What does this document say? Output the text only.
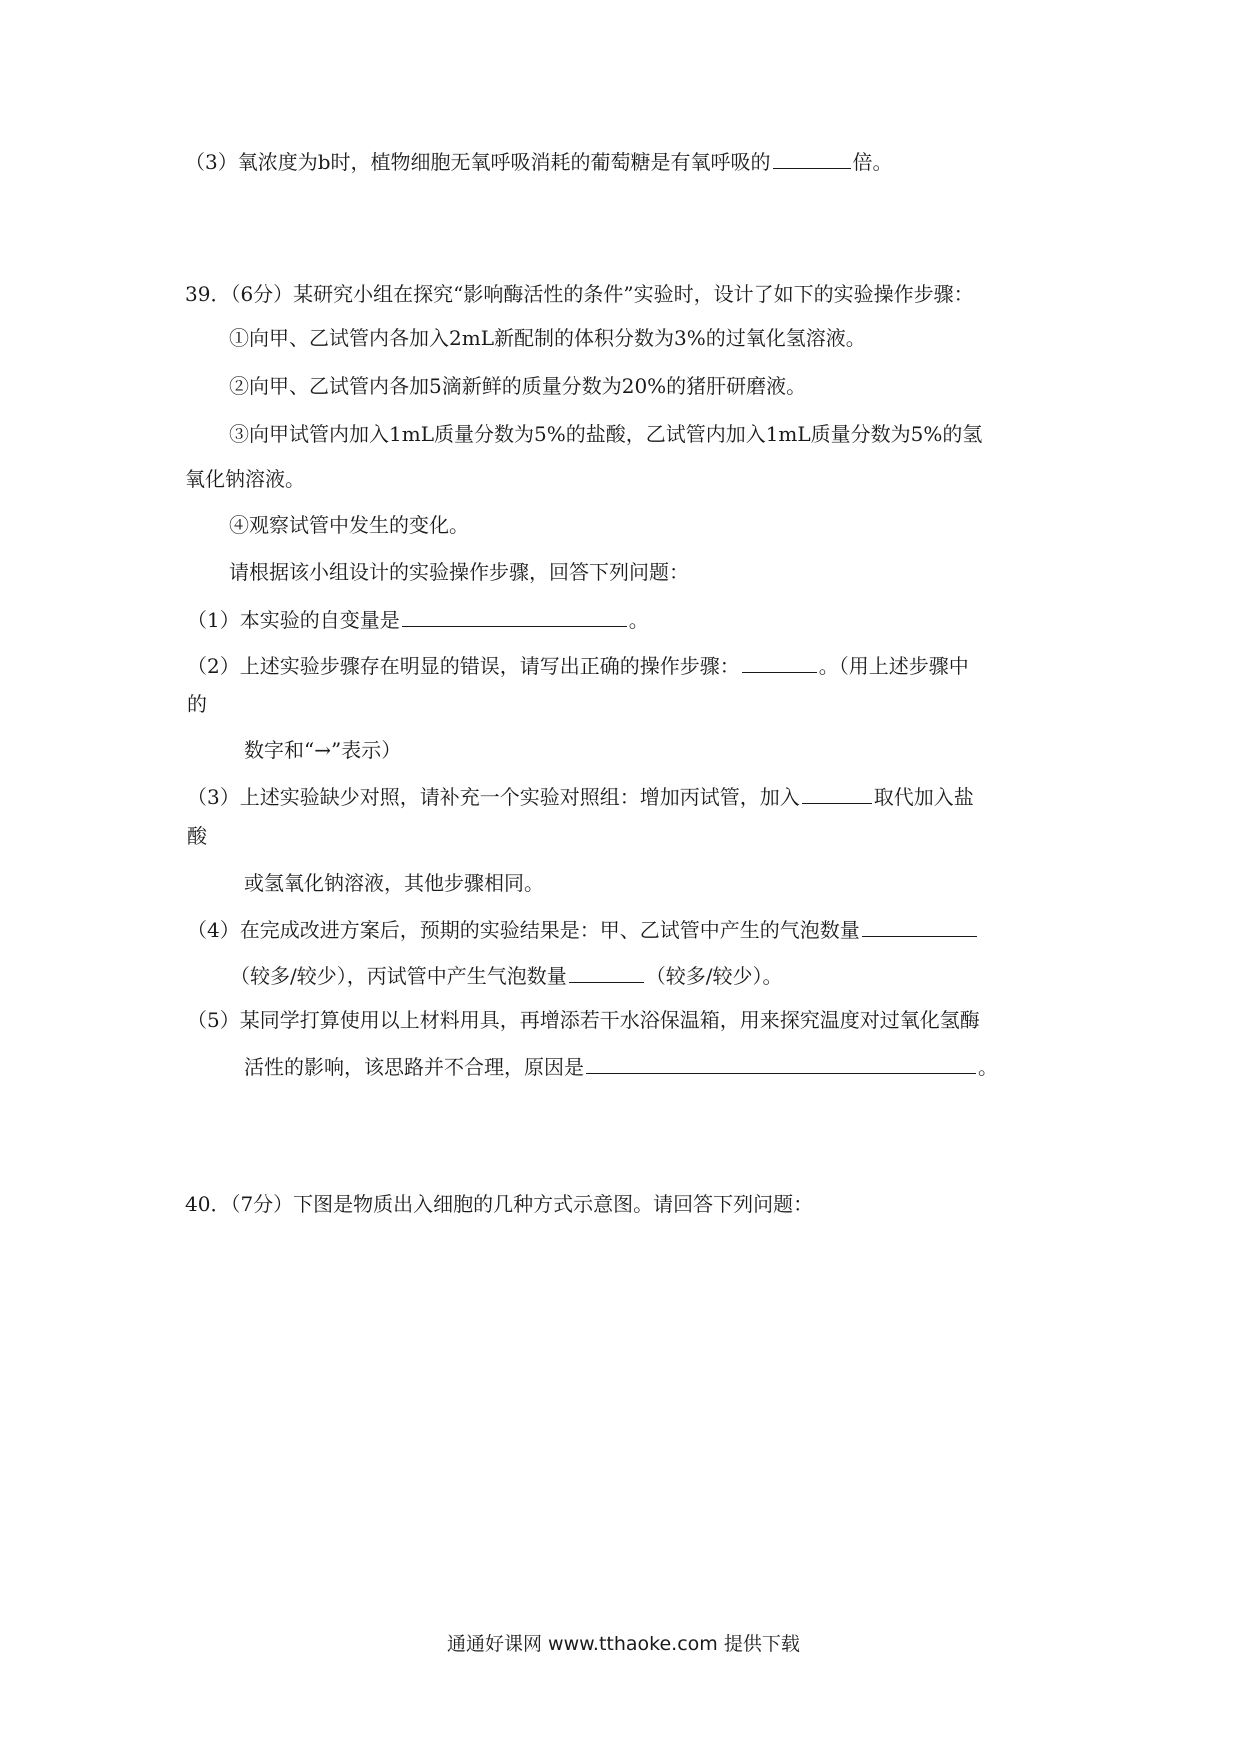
（3）氧浓度为b时，植物细胞无氧呼吸消耗的葡萄糖是有氧呼吸的	倍。
39．（6分）某研究小组在探究“影响酶活性的条件”实验时，设计了如下的实验操作步骤：
①向甲、乙试管内各加入2mL新配制的体积分数为3%的过氧化氢溶液。
②向甲、乙试管内各加5滴新鲜的质量分数为20%的猪肝研磨液。
③向甲试管内加入1mL质量分数为5%的盐酸，乙试管内加入1mL质量分数为5%的氢
氧化钠溶液。
④观察试管中发生的变化。
请根据该小组设计的实验操作步骤，回答下列问题：
（1）本实验的自变量是	。
（2）上述实验步骤存在明显的错误，请写出正确的操作步骤：	。（用上述步骤中
的
数字和“→”表示）
（3）上述实验缺少对照，请补充一个实验对照组：增加丙试管，加入	取代加入盐
酸
或氢氧化钠溶液，其他步骤相同。
（4）在完成改进方案后，预期的实验结果是：甲、乙试管中产生的气泡数量
（较多/较少），丙试管中产生气泡数量	（较多/较少）。
（5）某同学打算使用以上材料用具，再增添若干水浴保温箱，用来探究温度对过氧化氢酶
活性的影响，该思路并不合理，原因是	。
40．（7分）下图是物质出入细胞的几种方式示意图。请回答下列问题：
通通好课网 www.tthaoke.com 提供下载
